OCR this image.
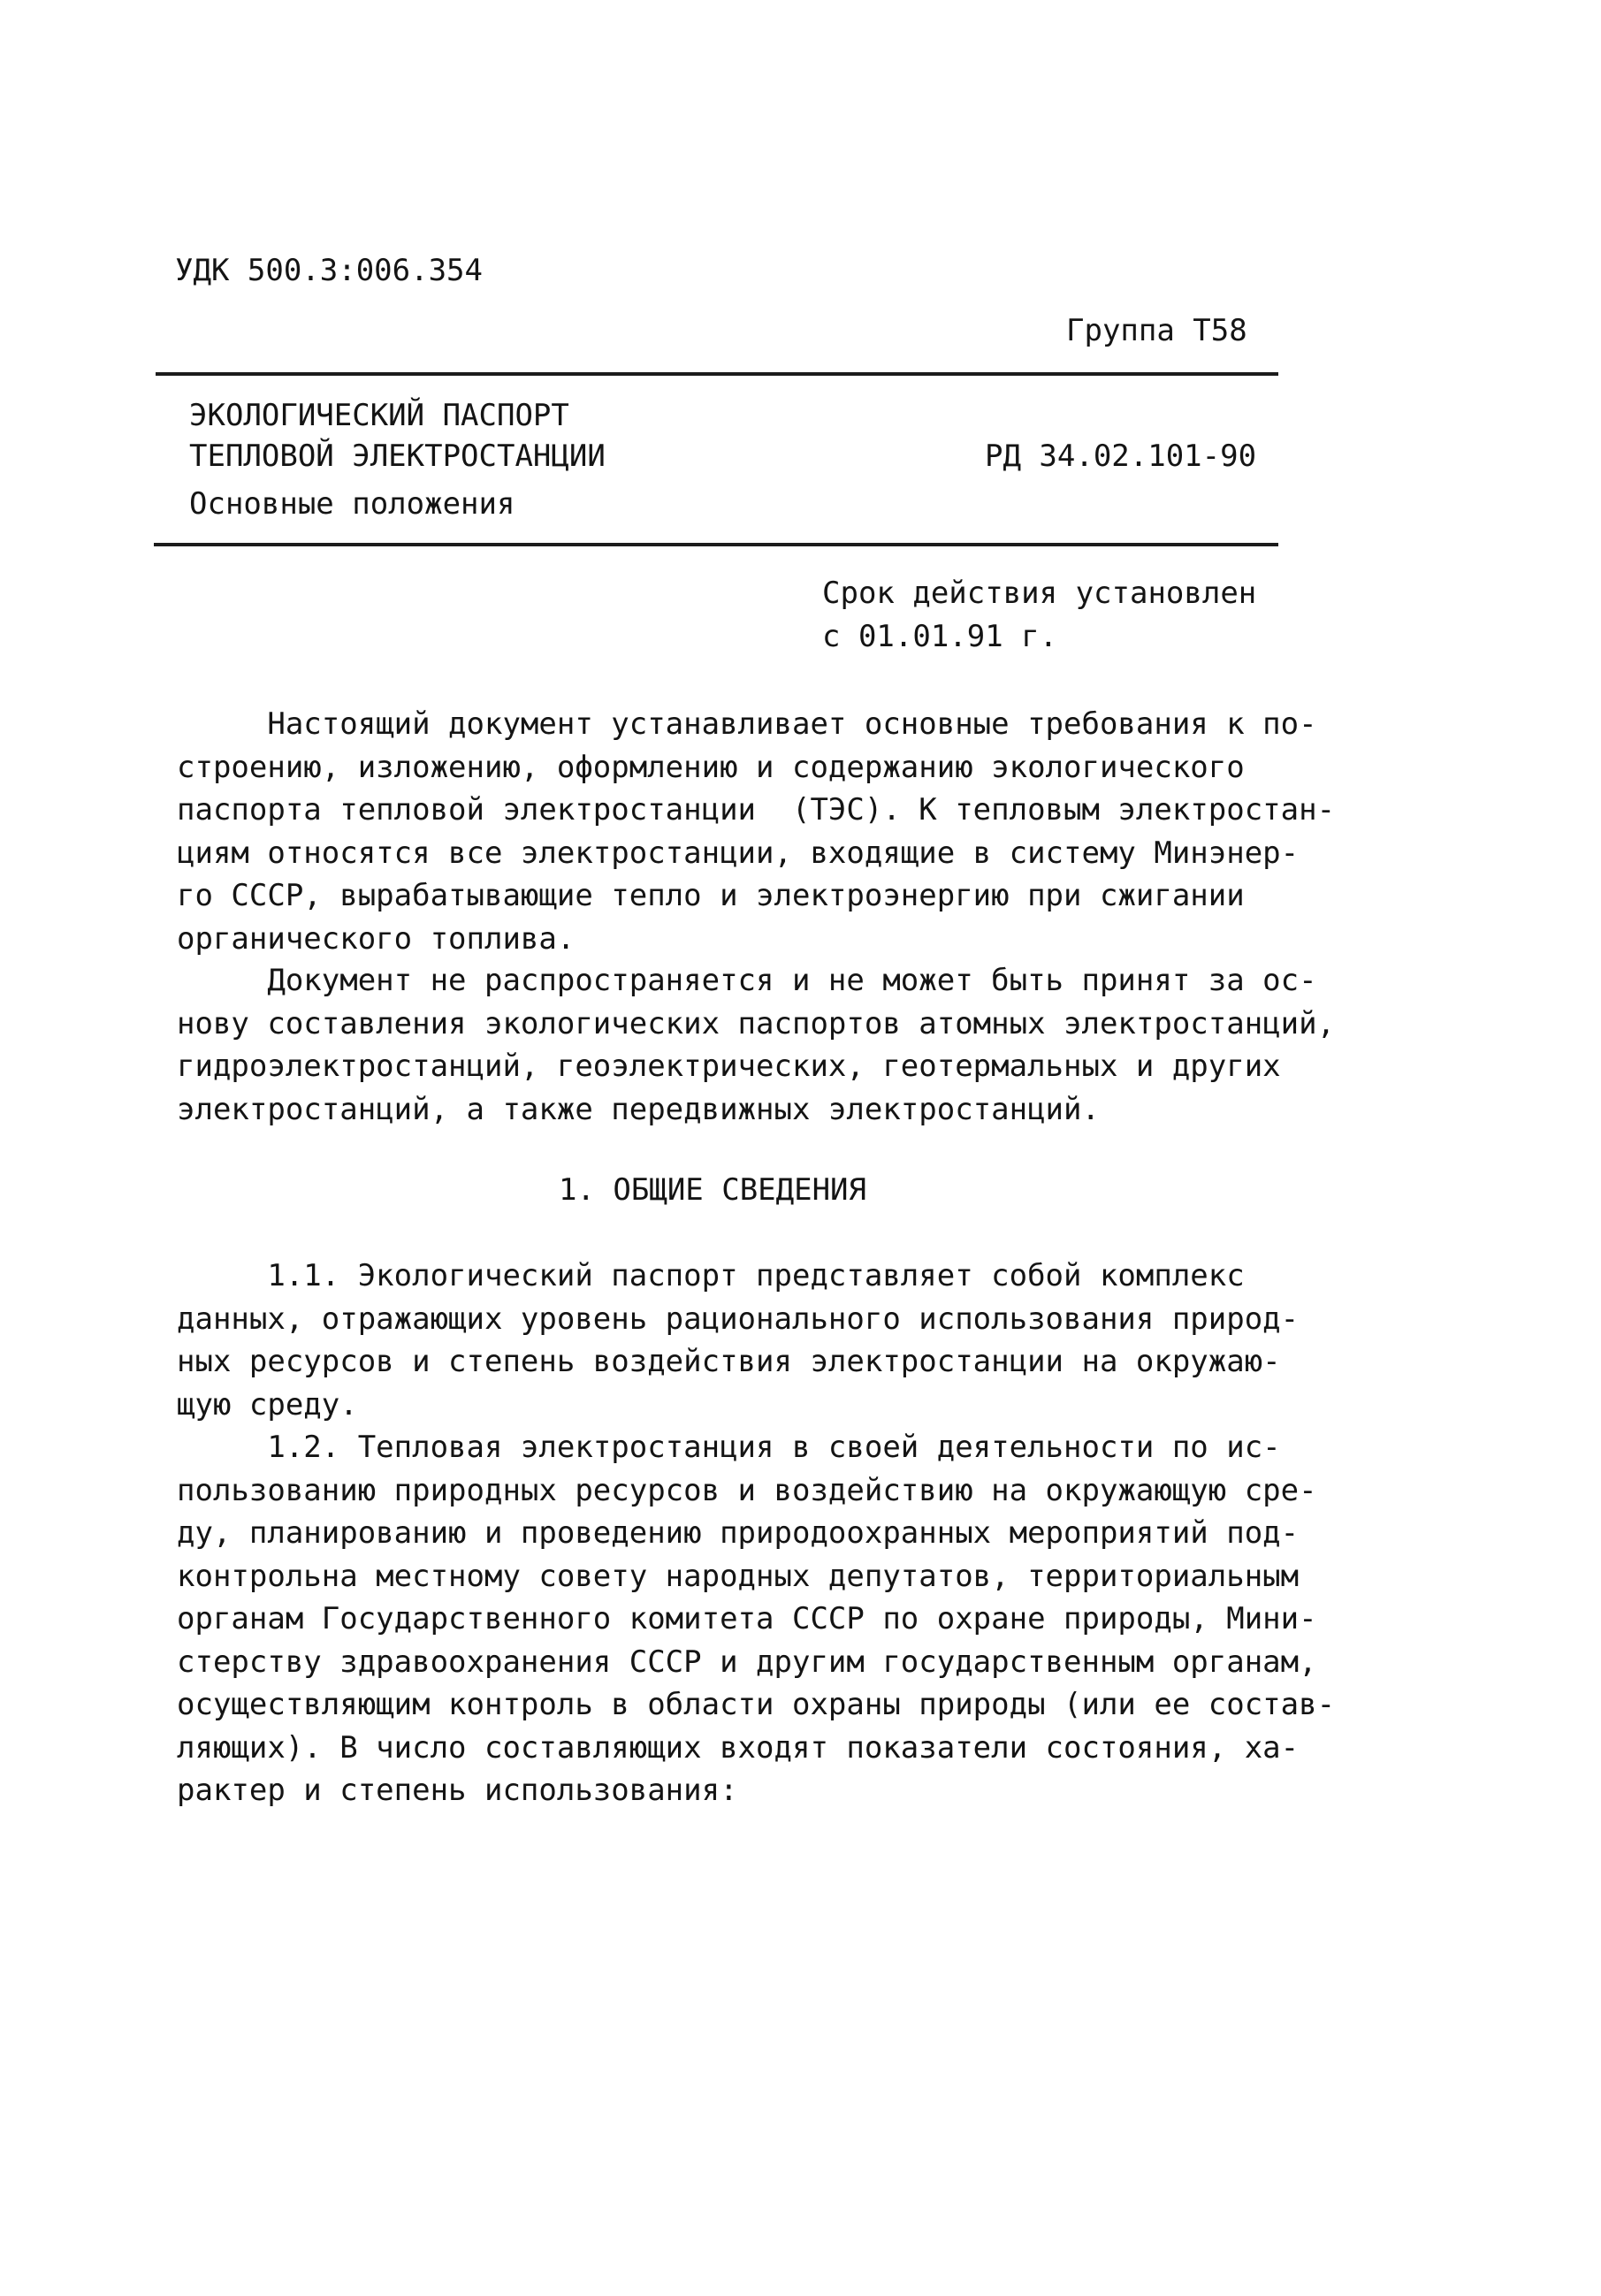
УДК 500.3:006.354

Группа Т58

ЭКОЛОГИЧЕСКИЙ ПАСПОРТ

ТЕПЛОВОЙ ЭЛЕКТРОСТАНЦИИ

Основные положения

РД 34.02.101-90

Срок действия установлен

с 01.01.91 г.

Настоящий документ устанавливает основные требования к по-
строению, изложению, оформлению и содержанию экологического
паспорта тепловой электростанции  (ТЭС). К тепловым электростан-
циям относятся все электростанции, входящие в систему Минэнер-
го СССР, вырабатывающие тепло и электроэнергию при сжигании
органического топлива.
Документ не распространяется и не может быть принят за ос-
нову составления экологических паспортов атомных электростанций,
гидроэлектростанций, геоэлектрических, геотермальных и других
электростанций, а также передвижных электростанций.

1. ОБЩИЕ СВЕДЕНИЯ

1.1. Экологический паспорт представляет собой комплекс
данных, отражающих уровень рационального использования природ-
ных ресурсов и степень воздействия электростанции на окружаю-
щую среду.
1.2. Тепловая электростанция в своей деятельности по ис-
пользованию природных ресурсов и воздействию на окружающую сре-
ду, планированию и проведению природоохранных мероприятий под-
контрольна местному совету народных депутатов, территориальным
органам Государственного комитета СССР по охране природы, Мини-
стерству здравоохранения СССР и другим государственным органам,
осуществляющим контроль в области охраны природы (или ее состав-
ляющих). В число составляющих входят показатели состояния, ха-
рактер и степень использования:
